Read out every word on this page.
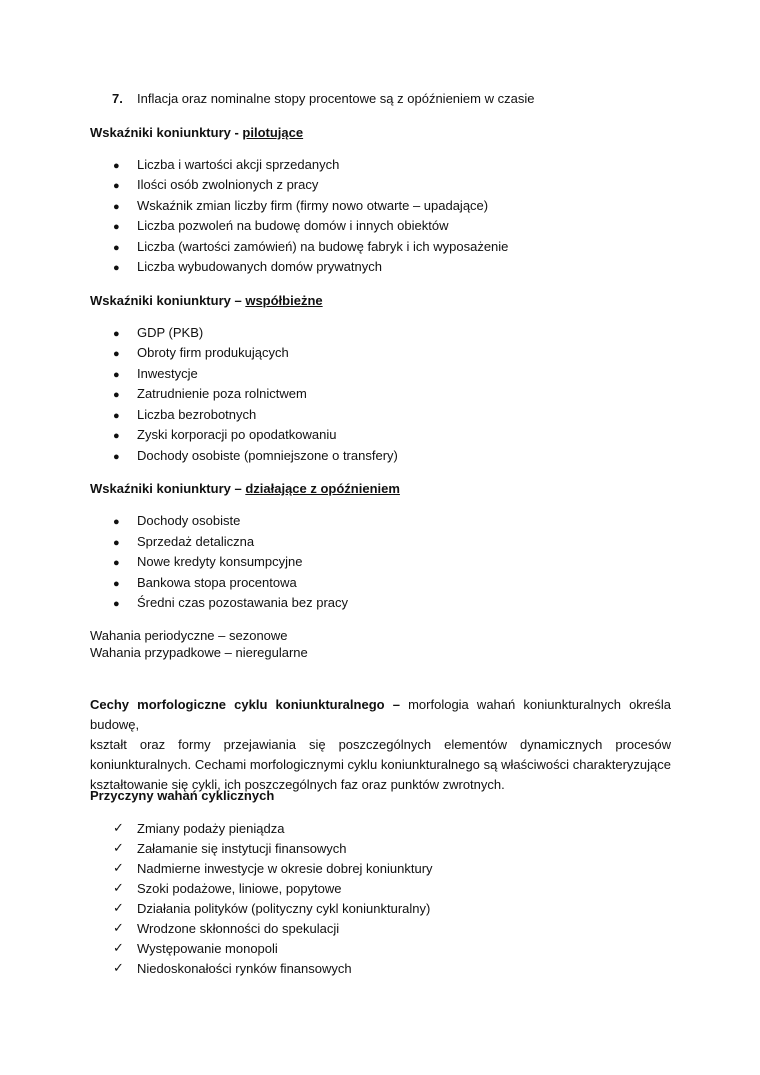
7. Inflacja oraz nominalne stopy procentowe są z opóźnieniem w czasie
Wskaźniki koniunktury - pilotujące
● Liczba i wartości akcji sprzedanych
● Ilości osób zwolnionych z pracy
● Wskaźnik zmian liczby firm (firmy nowo otwarte – upadające)
● Liczba pozwoleń na budowę domów i innych obiektów
● Liczba (wartości zamówień) na budowę fabryk i ich wyposażenie
● Liczba wybudowanych domów prywatnych
Wskaźniki koniunktury – współbieżne
● GDP (PKB)
● Obroty firm produkujących
● Inwestycje
● Zatrudnienie poza rolnictwem
● Liczba bezrobotnych
● Zyski korporacji po opodatkowaniu
● Dochody osobiste (pomniejszone o transfery)
Wskaźniki koniunktury – działające z opóźnieniem
● Dochody osobiste
● Sprzedaż detaliczna
● Nowe kredyty konsumpcyjne
● Bankowa stopa procentowa
● Średni czas pozostawania bez pracy
Wahania periodyczne – sezonowe
Wahania przypadkowe – nieregularne

Cechy morfologiczne cyklu koniunkturalnego – morfologia wahań koniunkturalnych określa budowę,

kształt oraz formy przejawiania się poszczególnych elementów dynamicznych procesów

koniunkturalnych. Cechami morfologicznymi cyklu koniunkturalnego są właściwości charakteryzujące

kształtowanie się cykli, ich poszczególnych faz oraz punktów zwrotnych.

Przyczyny wahań cyklicznych
✓ Zmiany podaży pieniądza
✓ Załamanie się instytucji finansowych
✓ Nadmierne inwestycje w okresie dobrej koniunktury
✓ Szoki podażowe, liniowe, popytowe
✓ Działania polityków (polityczny cykl koniunkturalny)
✓ Wrodzone skłonności do spekulacji
✓ Występowanie monopoli
✓ Niedoskonałości rynków finansowych
